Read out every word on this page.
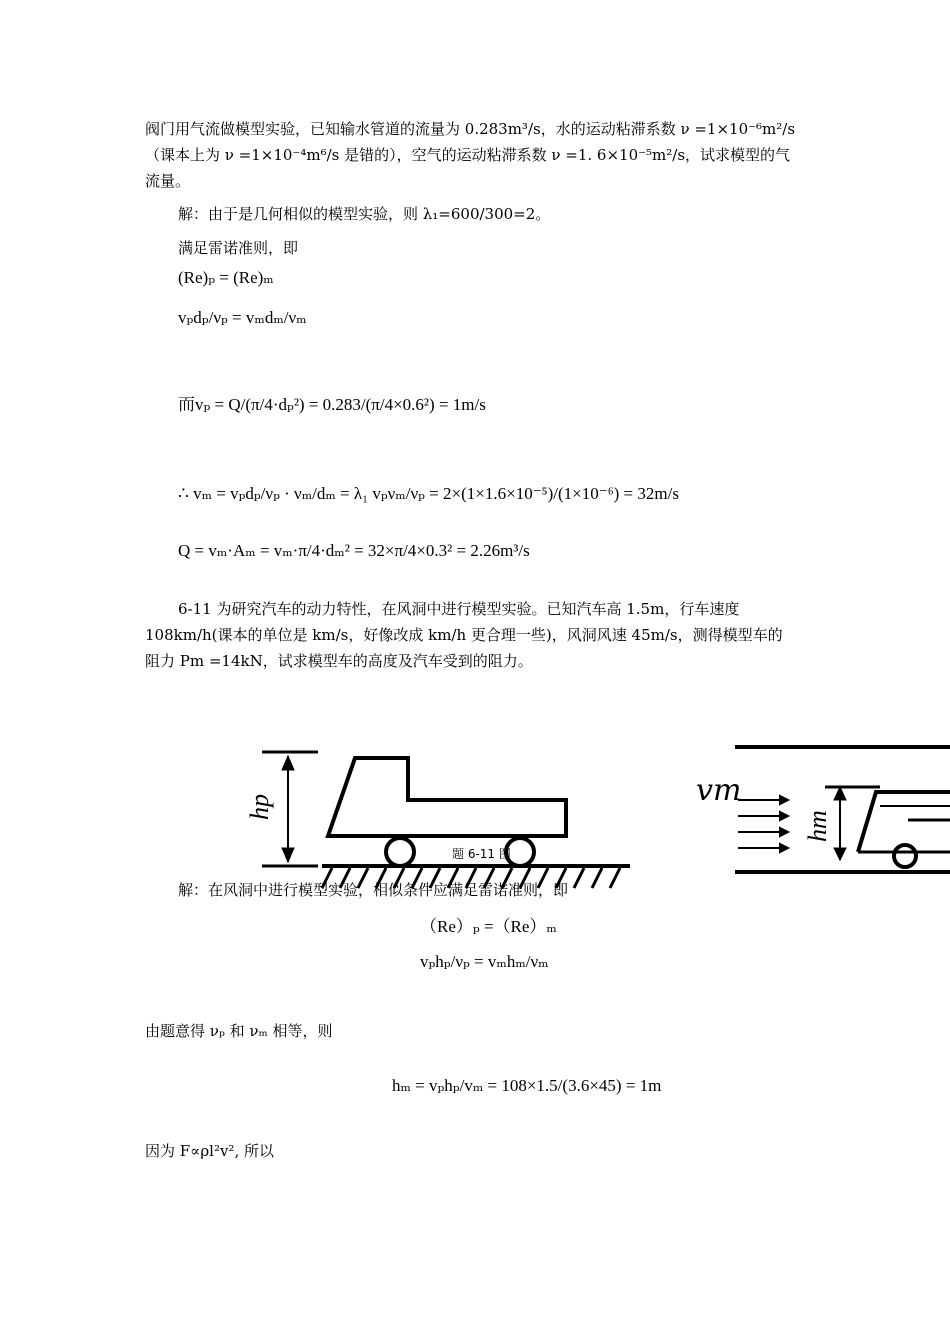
阀门用气流做模型实验，已知输水管道的流量为 0.283m³/s，水的运动粘滞系数 ν =1×10⁻⁶m²/s
（课本上为 ν =1×10⁻⁴m⁶/s 是错的），空气的运动粘滞系数 ν =1. 6×10⁻⁵m²/s，试求模型的气
流量。
解：由于是几何相似的模型实验，则 λ₁=600/300=2。
满足雷诺准则，即
(Re)ₚ = (Re)ₘ
vₚdₚ/νₚ = vₘdₘ/νₘ
而vₚ = Q/(π/4·dₚ²) = 0.283/(π/4×0.6²) = 1m/s
∴ vₘ = vₚdₚ/νₚ · νₘ/dₘ = λ₁ vₚνₘ/νₚ = 2×(1×1.6×10⁻⁵)/(1×10⁻⁶) = 32m/s
Q = vₘ·Aₘ = vₘ·π/4·dₘ² = 32×π/4×0.3² = 2.26m³/s
6-11 为研究汽车的动力特性，在风洞中进行模型实验。已知汽车高 1.5m，行车速度
108km/h(课本的单位是 km/s，好像改成 km/h 更合理一些)，风洞风速 45m/s，测得模型车的
阻力 Pm =14kN，试求模型车的高度及汽车受到的阻力。
hp	vm
hm
题 6-11 图
解：在风洞中进行模型实验，相似条件应满足雷诺准则，即
（Re）ₚ =（Re）ₘ
vₚhₚ/νₚ = vₘhₘ/νₘ
由题意得 νₚ 和 νₘ 相等，则
hₘ = vₚhₚ/vₘ = 108×1.5/(3.6×45) = 1m
因为 F∝ρl²v², 所以
